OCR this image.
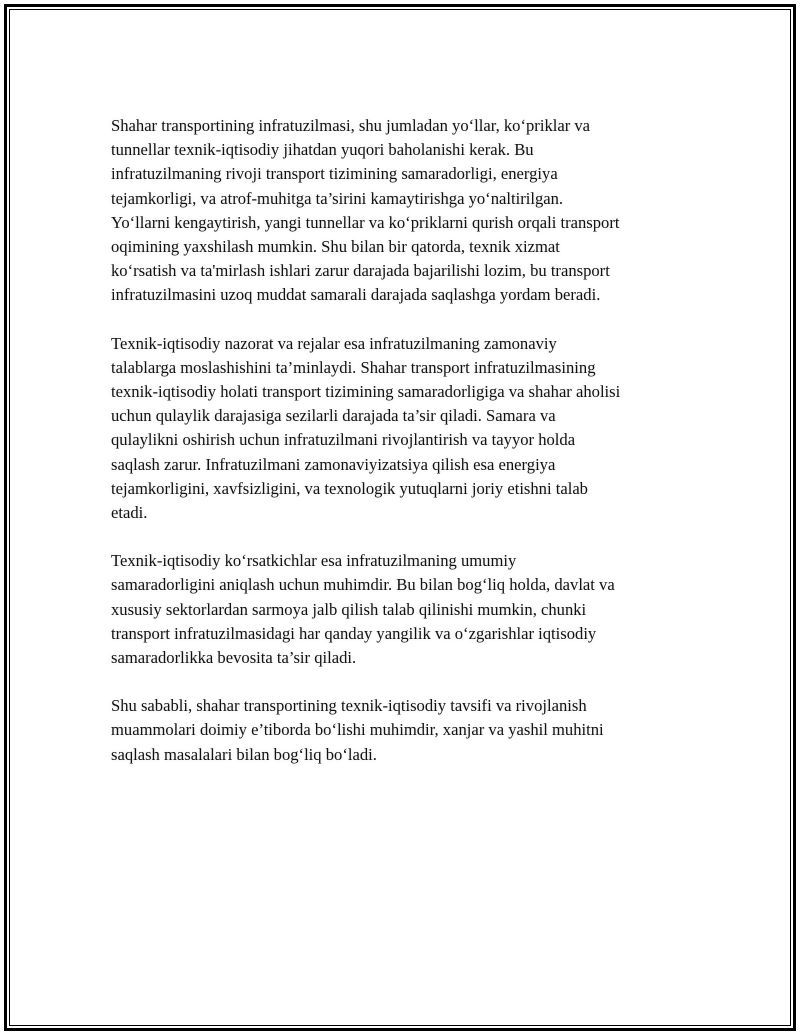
Shahar transportining infratuzilmasi, shu jumladan yo‘llar, ko‘priklar va
tunnellar texnik-iqtisodiy jihatdan yuqori baholanishi kerak. Bu
infratuzilmaning rivoji transport tizimining samaradorligi, energiya
tejamkorligi, va atrof-muhitga ta’sirini kamaytirishga yo‘naltirilgan.
Yo‘llarni kengaytirish, yangi tunnellar va ko‘priklarni qurish orqali transport
oqimining yaxshilash mumkin. Shu bilan bir qatorda, texnik xizmat
ko‘rsatish va ta'mirlash ishlari zarur darajada bajarilishi lozim, bu transport
infratuzilmasini uzoq muddat samarali darajada saqlashga yordam beradi.

Texnik-iqtisodiy nazorat va rejalar esa infratuzilmaning zamonaviy
talablarga moslashishini ta’minlaydi. Shahar transport infratuzilmasining
texnik-iqtisodiy holati transport tizimining samaradorligiga va shahar aholisi
uchun qulaylik darajasiga sezilarli darajada ta’sir qiladi. Samara va
qulaylikni oshirish uchun infratuzilmani rivojlantirish va tayyor holda
saqlash zarur. Infratuzilmani zamonaviyizatsiya qilish esa energiya
tejamkorligini, xavfsizligini, va texnologik yutuqlarni joriy etishni talab
etadi.

Texnik-iqtisodiy ko‘rsatkichlar esa infratuzilmaning umumiy
samaradorligini aniqlash uchun muhimdir. Bu bilan bog‘liq holda, davlat va
xususiy sektorlardan sarmoya jalb qilish talab qilinishi mumkin, chunki
transport infratuzilmasidagi har qanday yangilik va o‘zgarishlar iqtisodiy
samaradorlikka bevosita ta’sir qiladi.

Shu sababli, shahar transportining texnik-iqtisodiy tavsifi va rivojlanish
muammolari doimiy e’tiborda bo‘lishi muhimdir, xanjar va yashil muhitni
saqlash masalalari bilan bog‘liq bo‘ladi.
